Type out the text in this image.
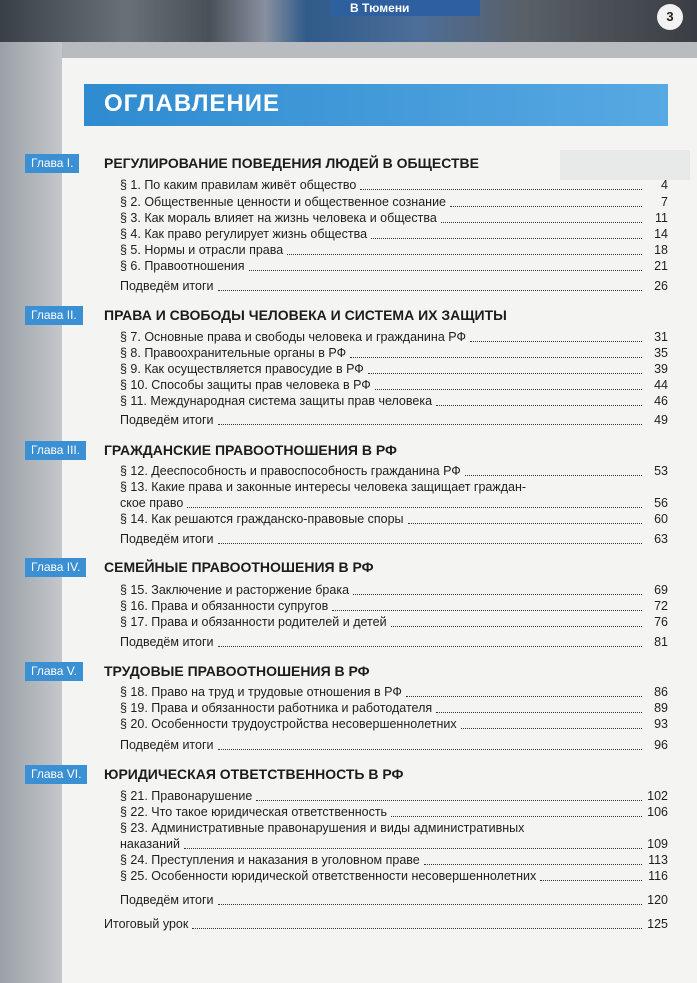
В Тюмени
3
ОГЛАВЛЕНИЕ
Глава I.	РЕГУЛИРОВАНИЕ ПОВЕДЕНИЯ ЛЮДЕЙ В ОБЩЕСТВЕ
§ 1. По каким правилам живёт общество	4
§ 2. Общественные ценности и общественное сознание	7
§ 3. Как мораль влияет на жизнь человека и общества	11
§ 4. Как право регулирует жизнь общества	14
§ 5. Нормы и отрасли права	18
§ 6. Правоотношения	21
Подведём итоги	26
Глава II.	ПРАВА И СВОБОДЫ ЧЕЛОВЕКА И СИСТЕМА ИХ ЗАЩИТЫ
§ 7. Основные права и свободы человека и гражданина РФ	31
§ 8. Правоохранительные органы в РФ	35
§ 9. Как осуществляется правосудие в РФ	39
§ 10. Способы защиты прав человека в РФ	44
§ 11. Международная система защиты прав человека	46
Подведём итоги	49
Глава III.	ГРАЖДАНСКИЕ ПРАВООТНОШЕНИЯ В РФ
§ 12. Дееспособность и правоспособность гражданина РФ	53
§ 13. Какие права и законные интересы человека защищает граждан-
ское право	56
§ 14. Как решаются гражданско-правовые споры	60
Подведём итоги	63
Глава IV.	СЕМЕЙНЫЕ ПРАВООТНОШЕНИЯ В РФ
§ 15. Заключение и расторжение брака	69
§ 16. Права и обязанности супругов	72
§ 17. Права и обязанности родителей и детей	76
Подведём итоги	81
Глава V.	ТРУДОВЫЕ ПРАВООТНОШЕНИЯ В РФ
§ 18. Право на труд и трудовые отношения в РФ	86
§ 19. Права и обязанности работника и работодателя	89
§ 20. Особенности трудоустройства несовершеннолетних	93
Подведём итоги	96
Глава VI.	ЮРИДИЧЕСКАЯ ОТВЕТСТВЕННОСТЬ В РФ
§ 21. Правонарушение	102
§ 22. Что такое юридическая ответственность	106
§ 23. Административные правонарушения и виды административных
наказаний	109
§ 24. Преступления и наказания в уголовном праве	113
§ 25. Особенности юридической ответственности несовершеннолетних	116
Подведём итоги	120
Итоговый урок	125
